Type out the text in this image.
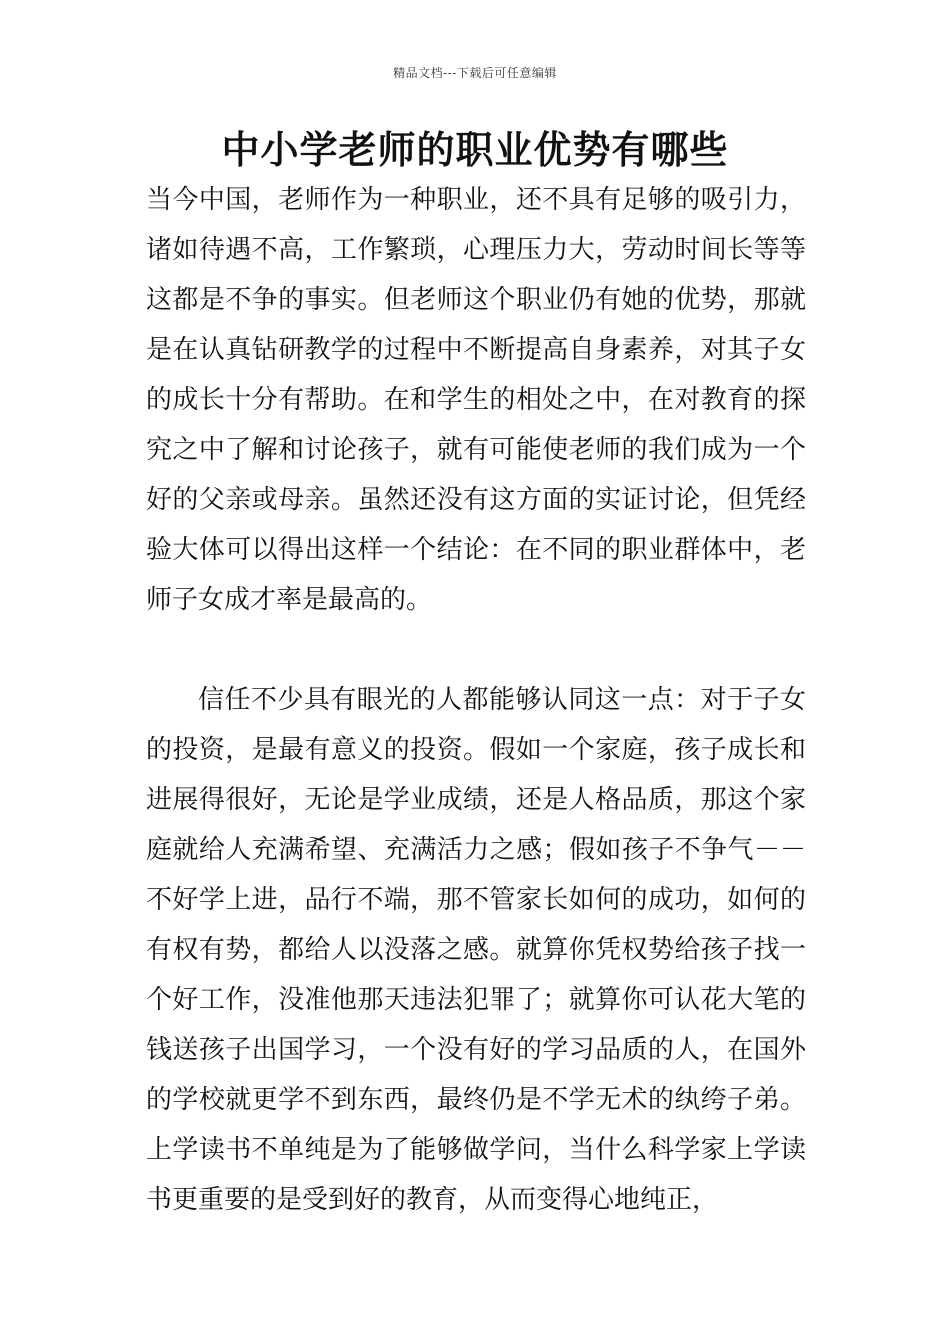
精品文档---下载后可任意编辑
中小学老师的职业优势有哪些

当今中国，老师作为一种职业，还不具有足够的吸引力，诸如待遇不高，工作繁琐，心理压力大，劳动时间长等等这都是不争的事实。但老师这个职业仍有她的优势，那就是在认真钻研教学的过程中不断提高自身素养，对其子女的成长十分有帮助。在和学生的相处之中，在对教育的探究之中了解和讨论孩子，就有可能使老师的我们成为一个好的父亲或母亲。虽然还没有这方面的实证讨论，但凭经验大体可以得出这样一个结论：在不同的职业群体中，老师子女成才率是最高的。

信任不少具有眼光的人都能够认同这一点：对于子女的投资，是最有意义的投资。假如一个家庭，孩子成长和进展得很好，无论是学业成绩，还是人格品质，那这个家庭就给人充满希望、充满活力之感；假如孩子不争气－－不好学上进，品行不端，那不管家长如何的成功，如何的有权有势，都给人以没落之感。就算你凭权势给孩子找一个好工作，没准他那天违法犯罪了；就算你可认花大笔的钱送孩子出国学习，一个没有好的学习品质的人，在国外的学校就更学不到东西，最终仍是不学无术的纨绔子弟。上学读书不单纯是为了能够做学问，当什么科学家上学读书更重要的是受到好的教育，从而变得心地纯正，
